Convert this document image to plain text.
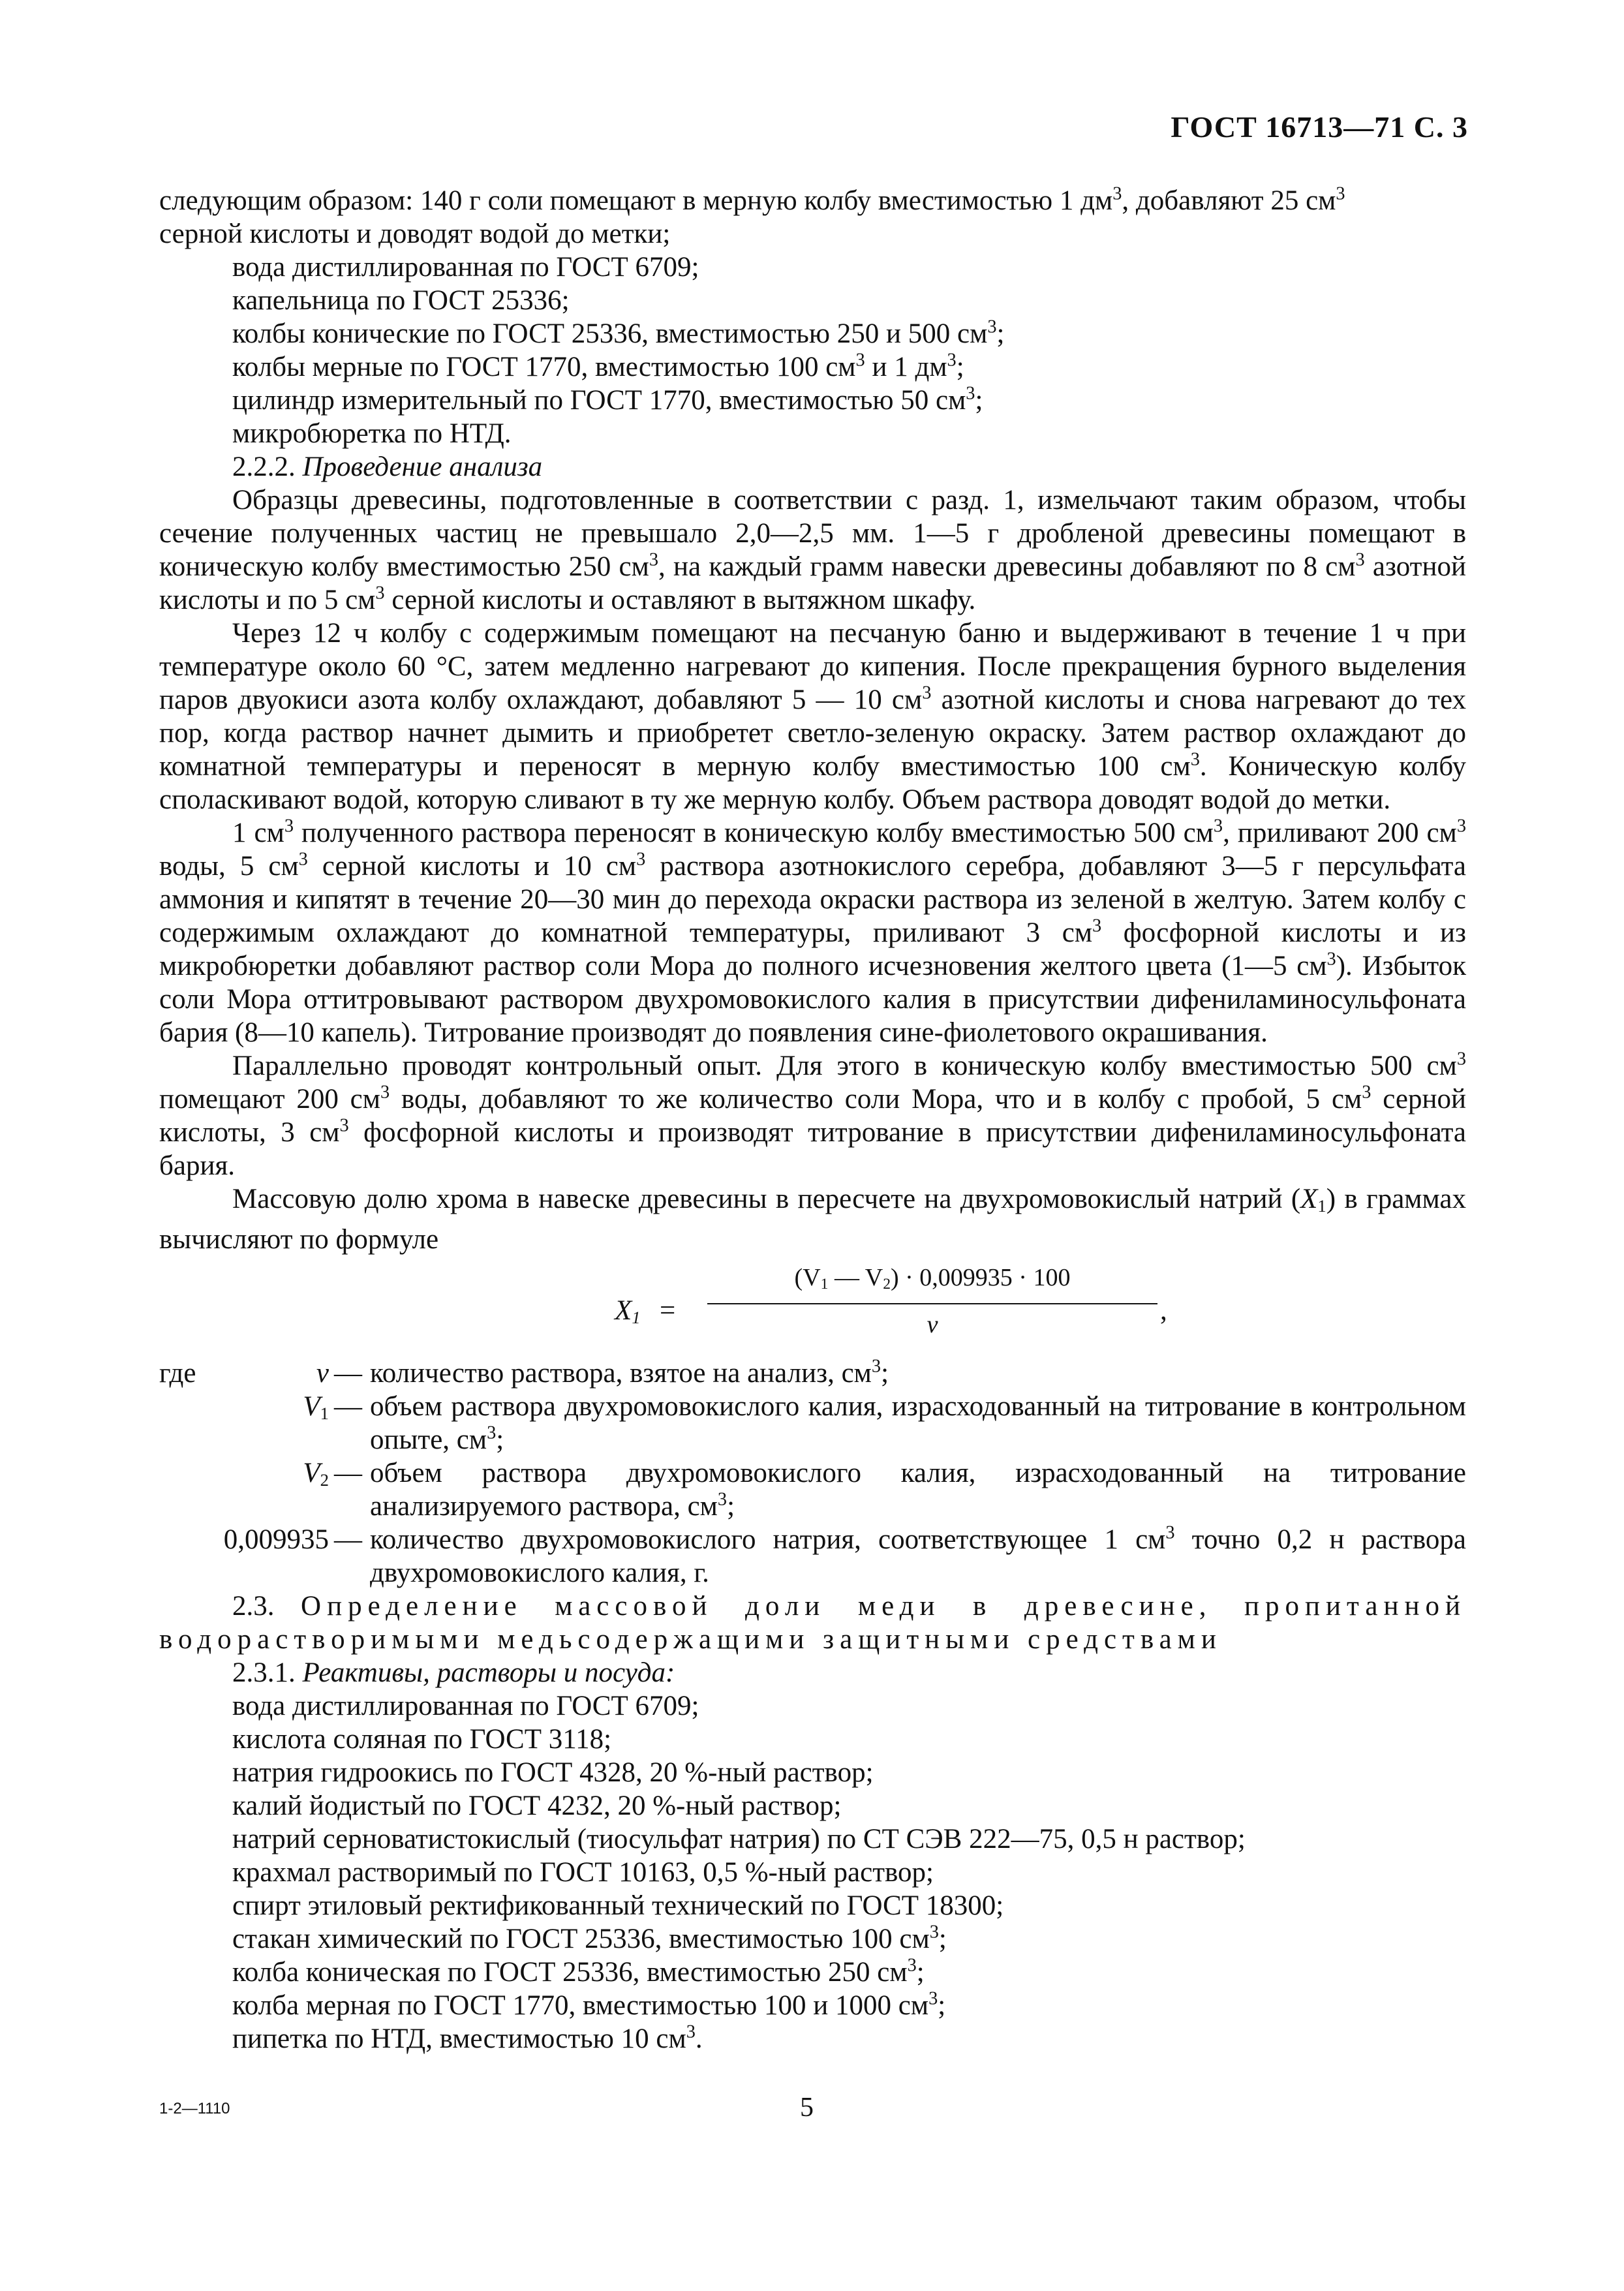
ГОСТ 16713—71 С. 3

следующим образом: 140 г соли помещают в мерную колбу вместимостью 1 $дм^3$, добавляют 25 $см^3$
серной кислоты и доводят водой до метки;

вода дистиллированная по ГОСТ 6709;
капельница по ГОСТ 25336;
колбы конические по ГОСТ 25336, вместимостью 250 и 500 $см^3$;
колбы мерные по ГОСТ 1770, вместимостью 100 $см^3$ и 1 $дм^3$;
цилиндр измерительный по ГОСТ 1770, вместимостью 50 $см^3$;
микробюретка по НТД.
2.2.2. Проведение анализа

Образцы древесины, подготовленные в соответствии с разд. 1, измельчают таким образом, чтобы сечение полученных частиц не превышало 2,0—2,5 мм. 1—5 г дробленой древесины помещают в коническую колбу вместимостью 250 $см^3$, на каждый грамм навески древесины добавляют по 8 $см^3$ азотной кислоты и по 5 $см^3$ серной кислоты и оставляют в вытяжном шкафу.

Через 12 ч колбу с содержимым помещают на песчаную баню и выдерживают в течение 1 ч при температуре около 60 °С, затем медленно нагревают до кипения. После прекращения бурного выделения паров двуокиси азота колбу охлаждают, добавляют 5 — 10 $см^3$ азотной кислоты и снова нагревают до тех пор, когда раствор начнет дымить и приобретет светло-зеленую окраску. Затем раствор охлаждают до комнатной температуры и переносят в мерную колбу вместимостью 100 $см^3$. Коническую колбу споласкивают водой, которую сливают в ту же мерную колбу. Объем раствора доводят водой до метки.

1 $см^3$ полученного раствора переносят в коническую колбу вместимостью 500 $см^3$, приливают 200 $см^3$ воды, 5 $см^3$ серной кислоты и 10 $см^3$ раствора азотнокислого серебра, добавляют 3—5 г персульфата аммония и кипятят в течение 20—30 мин до перехода окраски раствора из зеленой в желтую. Затем колбу с содержимым охлаждают до комнатной температуры, приливают 3 $см^3$ фосфорной кислоты и из микробюретки добавляют раствор соли Мора до полного исчезновения желтого цвета (1—5 $см^3$). Избыток соли Мора оттитровывают раствором двухромовокислого калия в присутствии дифениламиносульфоната бария (8—10 капель). Титрование производят до появления сине-фиолетового окрашивания.

Параллельно проводят контрольный опыт. Для этого в коническую колбу вместимостью 500 $см^3$ помещают 200 $см^3$ воды, добавляют то же количество соли Мора, что и в колбу с пробой, 5 $см^3$ серной кислоты, 3 $см^3$ фосфорной кислоты и производят титрование в присутствии дифениламиносульфоната бария.

Массовую долю хрома в навеске древесины в пересчете на двухромовокислый натрий $(X_1)$ в граммах вычисляют по формуле

$X_1 = \frac{(V_1 — V_2) \cdot 0,009935 \cdot 100}{v}$ ,
где	v — количество раствора, взятое на анализ, $см^3$;
$V_1$ — объем раствора двухромовокислого калия, израсходованный на титрование в контрольном опыте, $см^3$;
$V_2$ — объем раствора двухромовокислого калия, израсходованный на титрование анализируемого раствора, $см^3$;
0,009935 — количество двухромовокислого натрия, соответствующее 1 $см^3$ точно 0,2 н раствора двухромовокислого калия, г.

2.3. Определение массовой доли меди в древесине, пропитанной водорастворимыми медьсодержащими защитными средствами

2.3.1. Реактивы, растворы и посуда:
вода дистиллированная по ГОСТ 6709;
кислота соляная по ГОСТ 3118;
натрия гидроокись по ГОСТ 4328, 20 %-ный раствор;
калий йодистый по ГОСТ 4232, 20 %-ный раствор;
натрий серноватистокислый (тиосульфат натрия) по СТ СЭВ 222—75, 0,5 н раствор;
крахмал растворимый по ГОСТ 10163, 0,5 %-ный раствор;
спирт этиловый ректификованный технический по ГОСТ 18300;
стакан химический по ГОСТ 25336, вместимостью 100 $см^3$;
колба коническая по ГОСТ 25336, вместимостью 250 $см^3$;
колба мерная по ГОСТ 1770, вместимостью 100 и 1000 $см^3$;
пипетка по НТД, вместимостью 10 $см^3$.
1-2—1110	5
